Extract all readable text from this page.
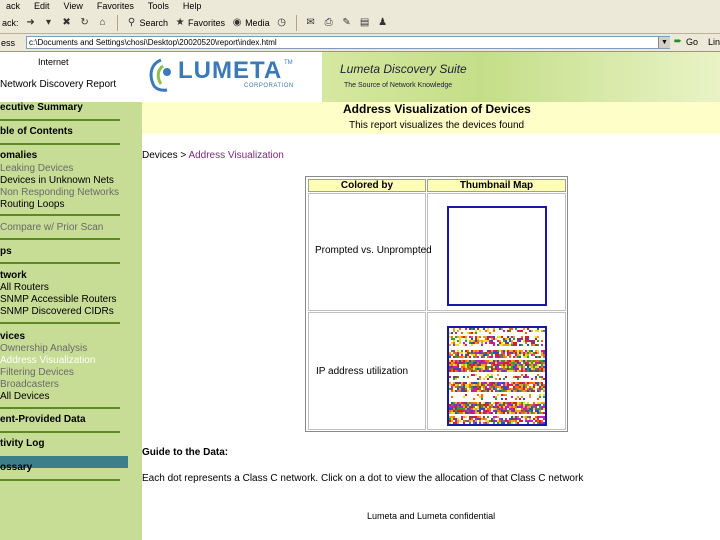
ack Edit View Favorites Tools Help
ack: ➜	▾	✖ ↻ ⌂ ⚲ Search ★ Favorites ◉ Media ◷ ✉ ⎙ ✎ ▤ ♟
ess	c:\Documents and Settings\chosi\Desktop\20020520\report\index.html	▼ ➨ Go Lin
Internet
Network Discovery Report
LUMETA TM
CORPORATION
Lumeta Discovery Suite
The Source of Network Knowledge
ecutive Summary
ble of Contents
omalies
Leaking Devices
Devices in Unknown Nets
Non Responding Networks
Routing Loops
Compare w/ Prior Scan
ps
twork
All Routers
SNMP Accessible Routers
SNMP Discovered CIDRs
vices
Ownership Analysis
Address Visualization
Filtering Devices
Broadcasters
All Devices
ent-Provided Data
tivity Log
ossary
Address Visualization of Devices
This report visualizes the devices found
Devices > Address Visualization
Colored by	Thumbnail Map
Prompted vs. Unprompted
IP address utilization
Guide to the Data:
Each dot represents a Class C network. Click on a dot to view the allocation of that Class C network
Lumeta and Lumeta confidential
